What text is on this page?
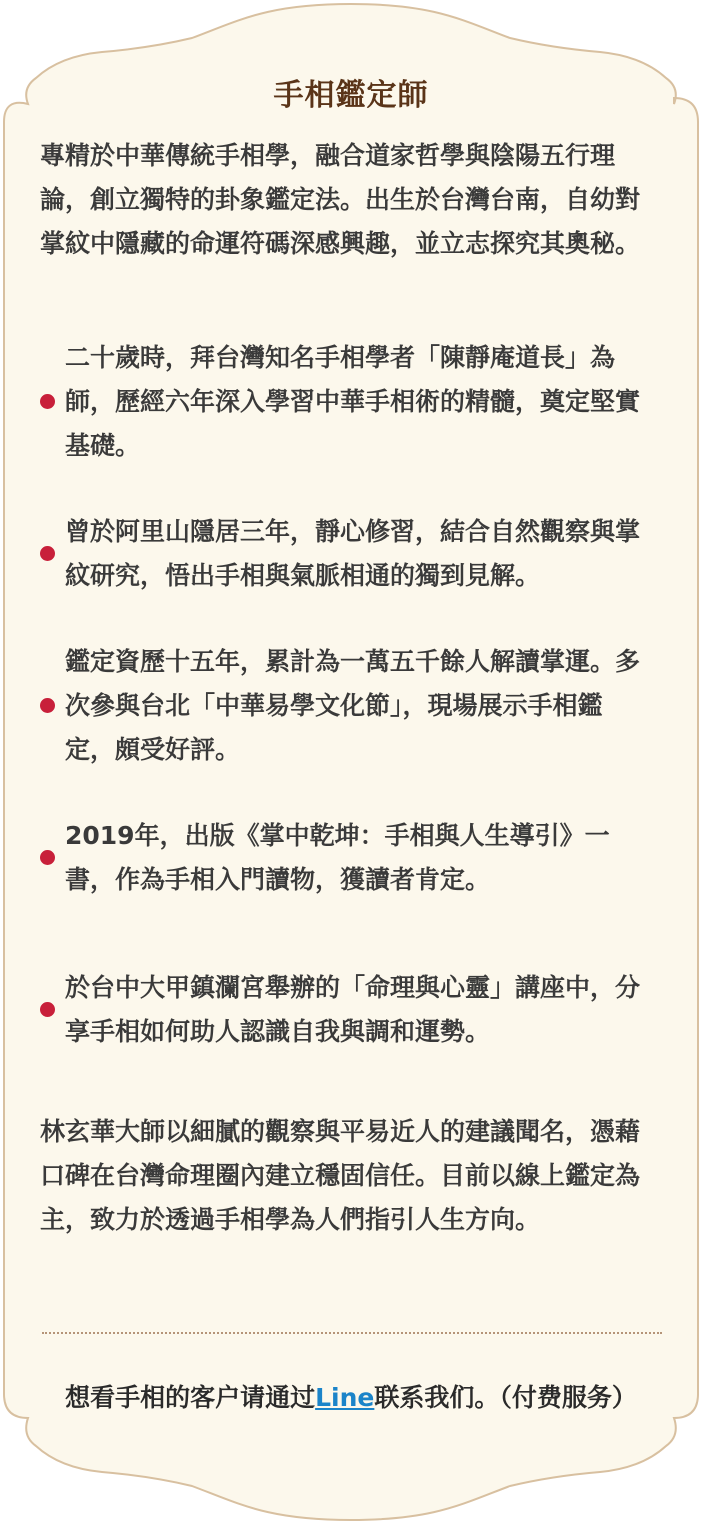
手相鑑定師
專精於中華傳統手相學，融合道家哲學與陰陽五行理論，創立獨特的卦象鑑定法。出生於台灣台南，自幼對掌紋中隱藏的命運符碼深感興趣，並立志探究其奧秘。
二十歲時，拜台灣知名手相學者「陳靜庵道長」為師，歷經六年深入學習中華手相術的精髓，奠定堅實基礎。
曾於阿里山隱居三年，靜心修習，結合自然觀察與掌紋研究，悟出手相與氣脈相通的獨到見解。
鑑定資歷十五年，累計為一萬五千餘人解讀掌運。多次參與台北「中華易學文化節」，現場展示手相鑑定，頗受好評。
2019年，出版《掌中乾坤：手相與人生導引》一書，作為手相入門讀物，獲讀者肯定。
於台中大甲鎮瀾宮舉辦的「命理與心靈」講座中，分享手相如何助人認識自我與調和運勢。
林玄華大師以細膩的觀察與平易近人的建議聞名，憑藉口碑在台灣命理圈內建立穩固信任。目前以線上鑑定為主，致力於透過手相學為人們指引人生方向。
想看手相的客户请通过Line联系我们。（付费服务）
